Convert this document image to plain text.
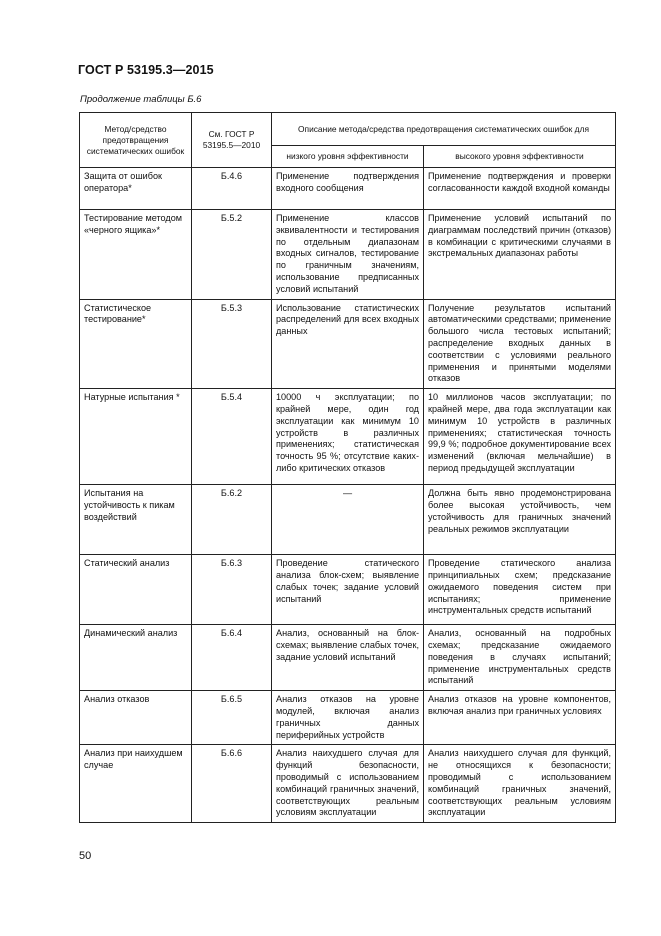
ГОСТ Р 53195.3—2015
Продолжение таблицы Б.6
Метод/средство предотвращения систематических ошибок	См. ГОСТ Р 53195.5—2010	Описание метода/средства предотвращения систематических ошибок для	
		низкого уровня эффективности	высокого уровня эффективности
Защита от ошибок оператора*	Б.4.6	Применение подтверждения входного сообщения	Применение подтверждения и проверки согласованности каждой входной команды
Тестирование методом «черного ящика»*	Б.5.2	Применение классов эквивалентности и тестирования по отдельным диапазонам входных сигналов, тестирование по граничным значениям, использование предписанных условий испытаний	Применение условий испытаний по диаграммам последствий причин (отказов) в комбинации с критическими случаями в экстремальных диапазонах работы
Статистическое тестирование*	Б.5.3	Использование статистических распределений для всех входных данных	Получение результатов испытаний автоматическими средствами; применение большого числа тестовых испытаний; распределение входных данных в соответствии с условиями реального применения и принятыми моделями отказов
Натурные испытания *	Б.5.4	10000 ч эксплуатации; по крайней мере, один год эксплуатации как минимум 10 устройств в различных применениях; статистическая точность 95 %; отсутствие каких-либо критических отказов	10 миллионов часов эксплуатации; по крайней мере, два года эксплуатации как минимум 10 устройств в различных применениях; статистическая точность 99,9 %; подробное документирование всех изменений (включая мельчайшие) в период предыдущей эксплуатации
Испытания на устойчивость к пикам воздействий	Б.6.2	—	Должна быть явно продемонстрирована более высокая устойчивость, чем устойчивость для граничных значений реальных режимов эксплуатации
Статический анализ	Б.6.3	Проведение статического анализа блок-схем; выявление слабых точек; задание условий испытаний	Проведение статического анализа принципиальных схем; предсказание ожидаемого поведения систем при испытаниях; применение инструментальных средств испытаний
Динамический анализ	Б.6.4	Анализ, основанный на блок-схемах; выявление слабых точек, задание условий испытаний	Анализ, основанный на подробных схемах; предсказание ожидаемого поведения в случаях испытаний; применение инструментальных средств испытаний
Анализ отказов	Б.6.5	Анализ отказов на уровне модулей, включая анализ граничных данных периферийных устройств	Анализ отказов на уровне компонентов, включая анализ при граничных условиях
Анализ при наихудшем случае	Б.6.6	Анализ наихудшего случая для функций безопасности, проводимый с использованием комбинаций граничных значений, соответствующих реальным условиям эксплуатации	Анализ наихудшего случая для функций, не относящихся к безопасности; проводимый с использованием комбинаций граничных значений, соответствующих реальным условиям эксплуатации
50
